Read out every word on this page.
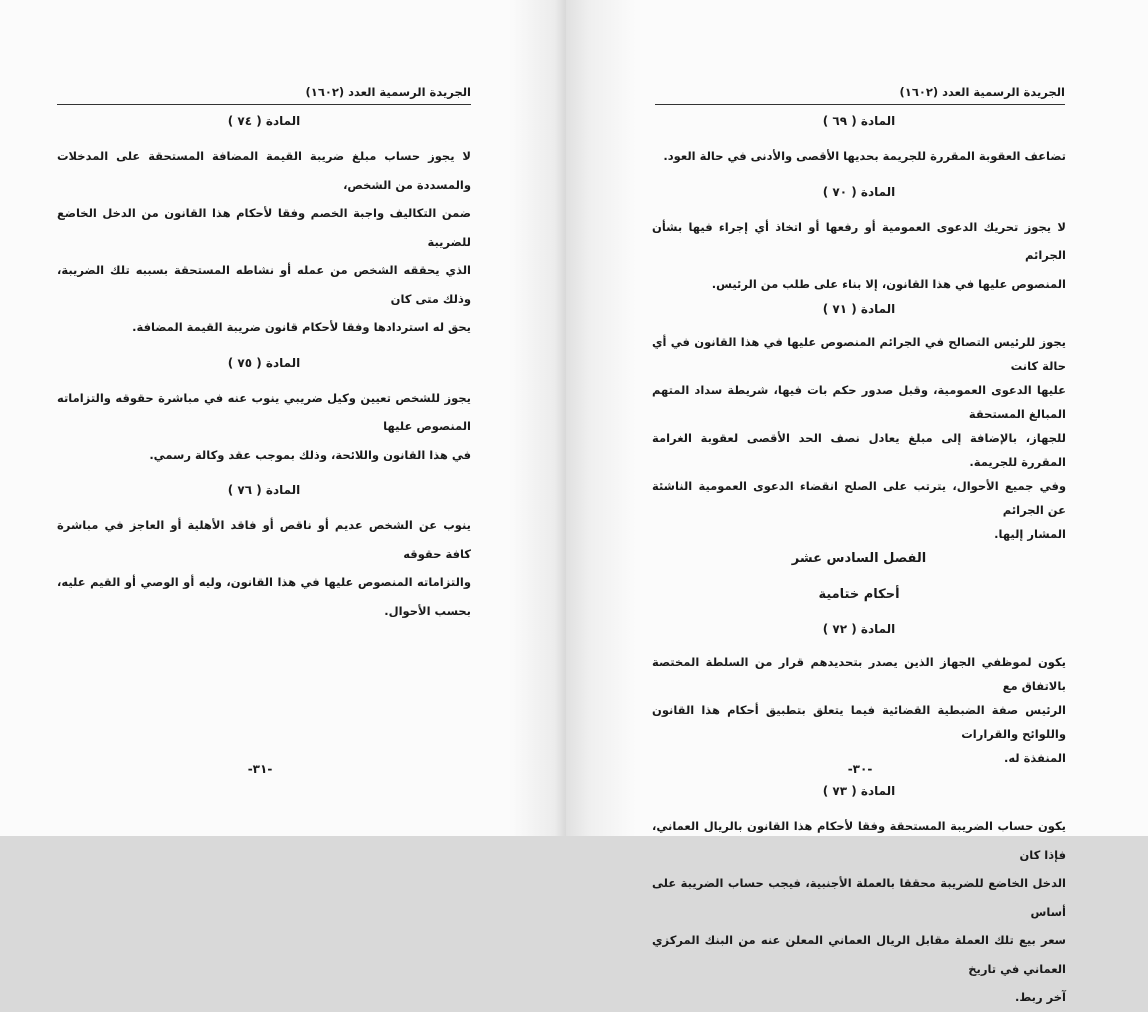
الجريدة الرسمية العدد (١٦٠٢)
المادة ( ٧٤ )

لا يجوز حساب مبلغ ضريبة القيمة المضافة المستحقة على المدخلات والمسددة من الشخص،
ضمن التكاليف واجبة الخصم وفقا لأحكام هذا القانون من الدخل الخاضع للضريبة
الذي يحققه الشخص من عمله أو نشاطه المستحقة بسببه تلك الضريبة، وذلك متى كان
يحق له استردادها وفقا لأحكام قانون ضريبة القيمة المضافة.

المادة ( ٧٥ )

يجوز للشخص تعيين وكيل ضريبي ينوب عنه في مباشرة حقوقه والتزاماته المنصوص عليها
في هذا القانون واللائحة، وذلك بموجب عقد وكالة رسمي.

المادة ( ٧٦ )

ينوب عن الشخص عديم أو ناقص أو فاقد الأهلية أو العاجز في مباشرة كافة حقوقه
والتزاماته المنصوص عليها في هذا القانون، وليه أو الوصي أو القيم عليه، بحسب الأحوال.

-٣١-
الجريدة الرسمية العدد (١٦٠٢)
المادة ( ٦٩ )

تضاعف العقوبة المقررة للجريمة بحديها الأقصى والأدنى في حالة العود.

المادة ( ٧٠ )

لا يجوز تحريك الدعوى العمومية أو رفعها أو اتخاذ أي إجراء فيها بشأن الجرائم
المنصوص عليها في هذا القانون، إلا بناء على طلب من الرئيس.

المادة ( ٧١ )

يجوز للرئيس التصالح في الجرائم المنصوص عليها في هذا القانون في أي حالة كانت
عليها الدعوى العمومية، وقبل صدور حكم بات فيها، شريطة سداد المتهم المبالغ المستحقة
للجهاز، بالإضافة إلى مبلغ يعادل نصف الحد الأقصى لعقوبة الغرامة المقررة للجريمة.
وفي جميع الأحوال، يترتب على الصلح انقضاء الدعوى العمومية الناشئة عن الجرائم
المشار إليها.

الفصل السادس عشر
أحكام ختامية
المادة ( ٧٢ )

يكون لموظفي الجهاز الذين يصدر بتحديدهم قرار من السلطة المختصة بالاتفاق مع
الرئيس صفة الضبطية القضائية فيما يتعلق بتطبيق أحكام هذا القانون واللوائح والقرارات
المنفذة له.

المادة ( ٧٣ )

يكون حساب الضريبة المستحقة وفقا لأحكام هذا القانون بالريال العماني، فإذا كان
الدخل الخاضع للضريبة محققا بالعملة الأجنبية، فيجب حساب الضريبة على أساس
سعر بيع تلك العملة مقابل الريال العماني المعلن عنه من البنك المركزي العماني في تاريخ
آخر ربط.

-٣٠-
